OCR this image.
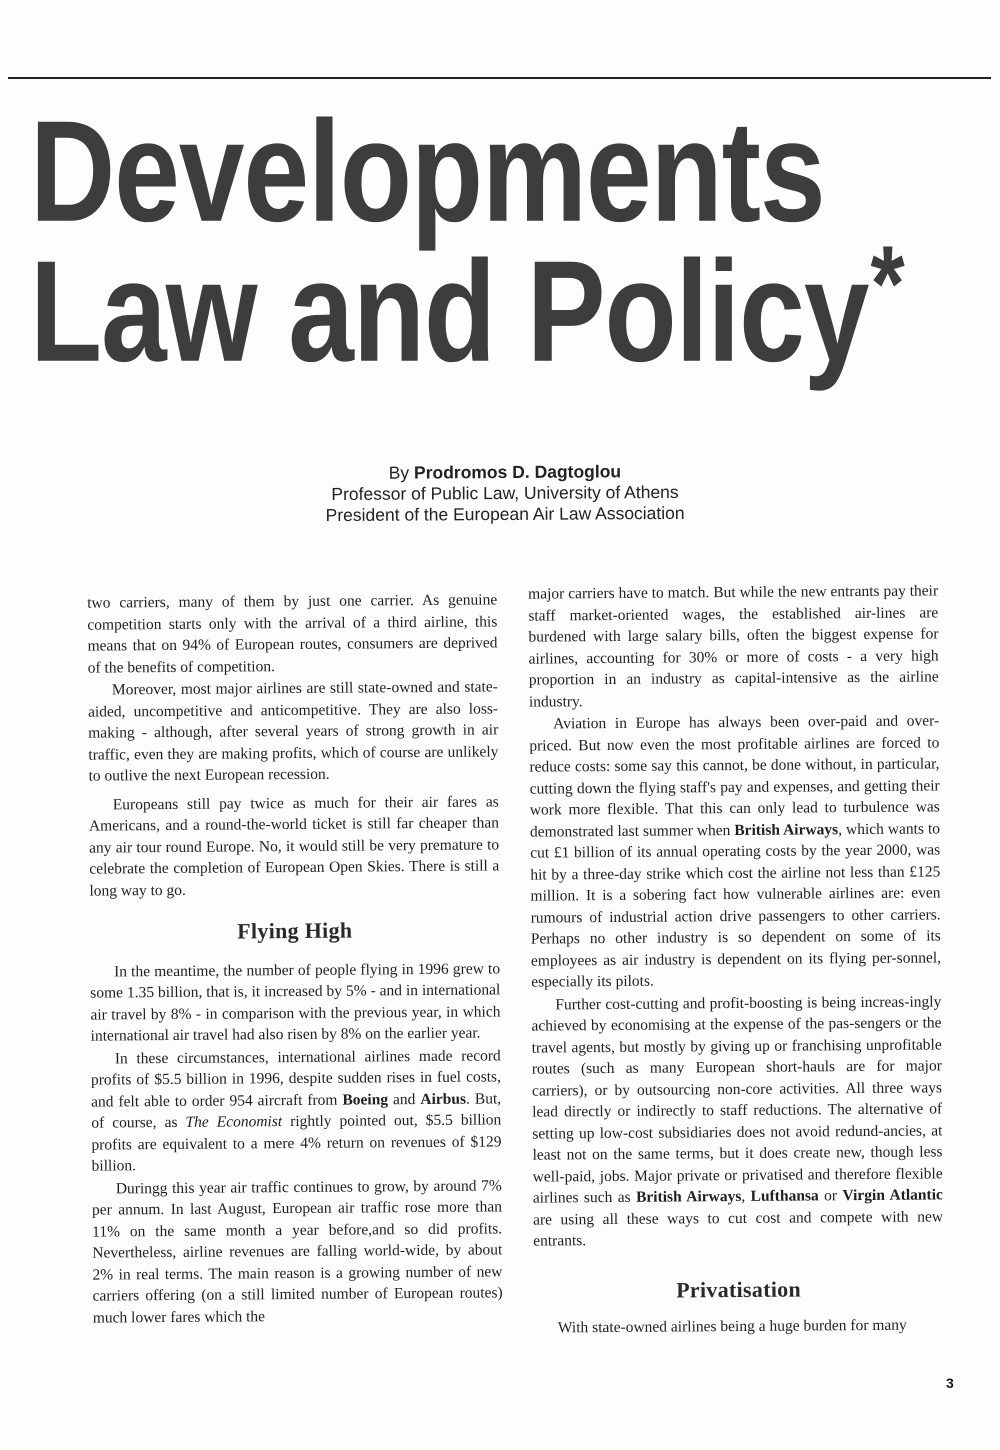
Developments
Law and Policy*
By Prodromos D. Dagtoglou
Professor of Public Law, University of Athens
President of the European Air Law Association

two carriers, many of them by just one carrier. As genuine competition starts only with the arrival of a third airline, this means that on 94% of European routes, consumers are deprived of the benefits of competition.

Moreover, most major airlines are still state-owned and state-aided, uncompetitive and anticompetitive. They are also loss-making - although, after several years of strong growth in air traffic, even they are making profits, which of course are unlikely to outlive the next European recession.

Europeans still pay twice as much for their air fares as Americans, and a round-the-world ticket is still far cheaper than any air tour round Europe. No, it would still be very premature to celebrate the completion of European Open Skies. There is still a long way to go.

Flying High

In the meantime, the number of people flying in 1996 grew to some 1.35 billion, that is, it increased by 5% - and in international air travel by 8% - in comparison with the previous year, in which international air travel had also risen by 8% on the earlier year.

In these circumstances, international airlines made record profits of $5.5 billion in 1996, despite sudden rises in fuel costs, and felt able to order 954 aircraft from Boeing and Airbus. But, of course, as The Economist rightly pointed out, $5.5 billion profits are equivalent to a mere 4% return on revenues of $129 billion.

Duringg this year air traffic continues to grow, by around 7% per annum. In last August, European air traffic rose more than 11% on the same month a year before,and so did profits. Nevertheless, airline revenues are falling world-wide, by about 2% in real terms. The main reason is a growing number of new carriers offering (on a still limited number of European routes) much lower fares which the

major carriers have to match. But while the new entrants pay their staff market-oriented wages, the established air-lines are burdened with large salary bills, often the biggest expense for airlines, accounting for 30% or more of costs - a very high proportion in an industry as capital-intensive as the airline industry.

Aviation in Europe has always been over-paid and over-priced. But now even the most profitable airlines are forced to reduce costs: some say this cannot, be done without, in particular, cutting down the flying staff's pay and expenses, and getting their work more flexible. That this can only lead to turbulence was demonstrated last summer when British Airways, which wants to cut £1 billion of its annual operating costs by the year 2000, was hit by a three-day strike which cost the airline not less than £125 million. It is a sobering fact how vulnerable airlines are: even rumours of industrial action drive passengers to other carriers. Perhaps no other industry is so dependent on some of its employees as air industry is dependent on its flying per-sonnel, especially its pilots.

Further cost-cutting and profit-boosting is being increas-ingly achieved by economising at the expense of the pas-sengers or the travel agents, but mostly by giving up or franchising unprofitable routes (such as many European short-hauls are for major carriers), or by outsourcing non-core activities. All three ways lead directly or indirectly to staff reductions. The alternative of setting up low-cost subsidiaries does not avoid redund-ancies, at least not on the same terms, but it does create new, though less well-paid, jobs. Major private or privatised and therefore flexible airlines such as British Airways, Lufthansa or Virgin Atlantic are using all these ways to cut cost and compete with new entrants.

Privatisation

With state-owned airlines being a huge burden for many

3
